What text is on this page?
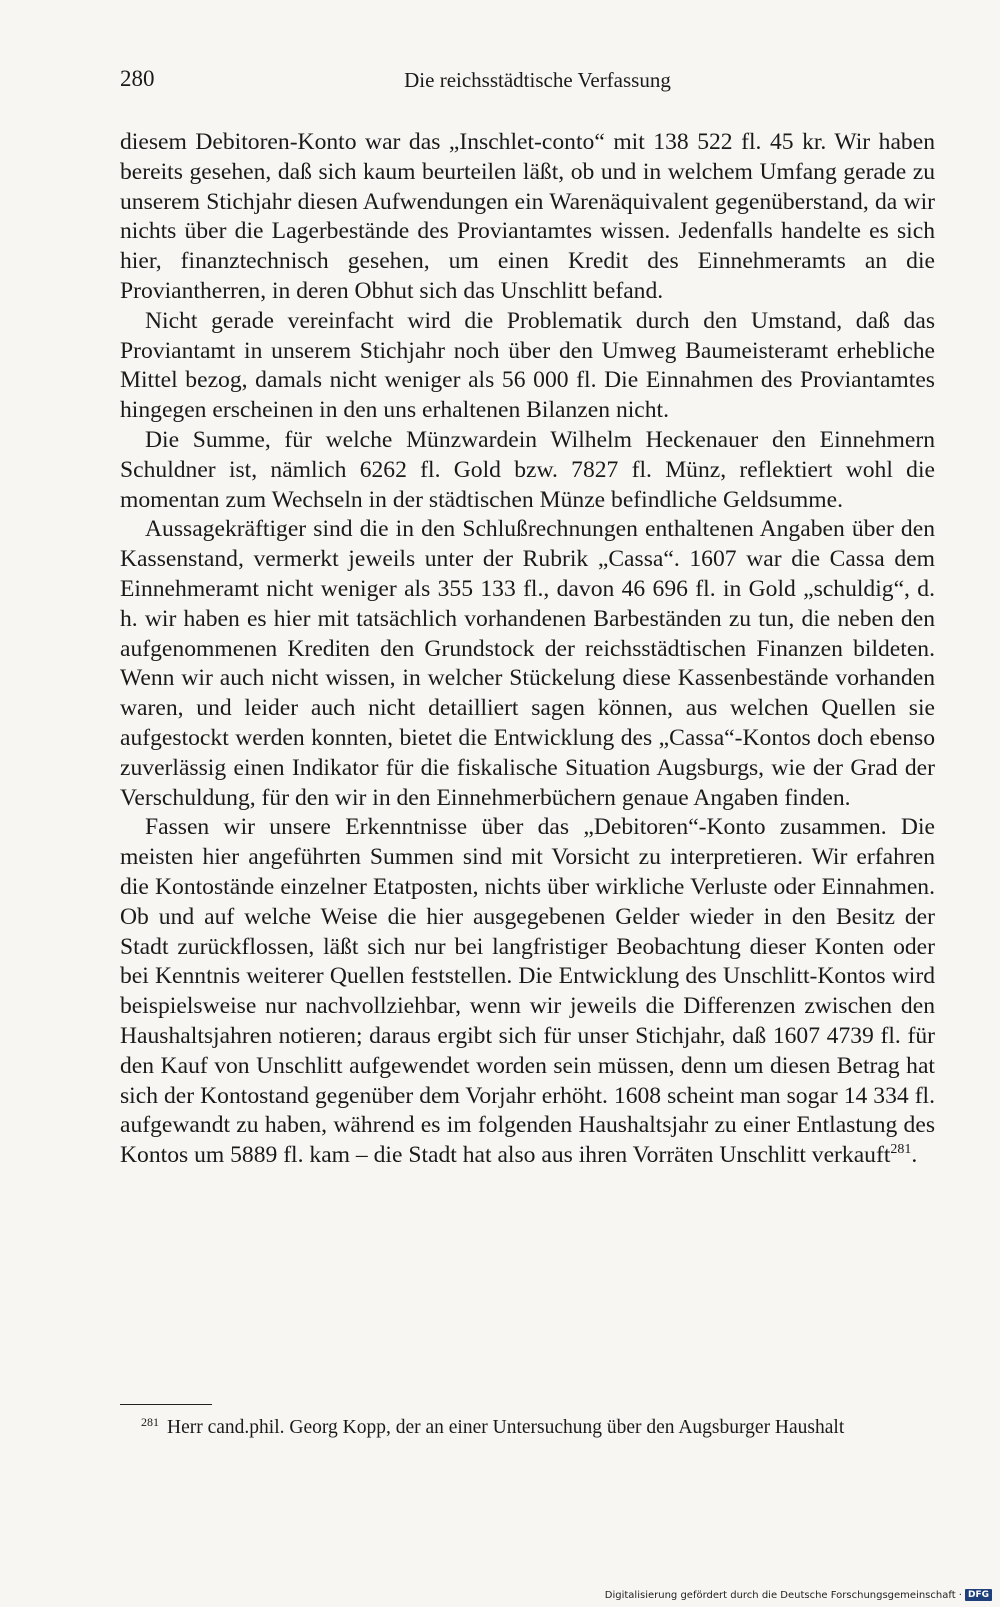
280	Die reichsstädtische Verfassung

diesem Debitoren-Konto war das „Inschlet-conto“ mit 138 522 fl. 45 kr. Wir haben bereits gesehen, daß sich kaum beurteilen läßt, ob und in welchem Umfang gerade zu unserem Stichjahr diesen Aufwendungen ein Warenäquivalent gegenüberstand, da wir nichts über die Lagerbestände des Proviantamtes wissen. Jedenfalls handelte es sich hier, finanztechnisch gesehen, um einen Kredit des Einnehmeramts an die Proviantherren, in deren Obhut sich das Unschlitt befand.

Nicht gerade vereinfacht wird die Problematik durch den Umstand, daß das Proviantamt in unserem Stichjahr noch über den Umweg Baumeisteramt erhebliche Mittel bezog, damals nicht weniger als 56 000 fl. Die Einnahmen des Proviantamtes hingegen erscheinen in den uns erhaltenen Bilanzen nicht.

Die Summe, für welche Münzwardein Wilhelm Heckenauer den Einnehmern Schuldner ist, nämlich 6262 fl. Gold bzw. 7827 fl. Münz, reflektiert wohl die momentan zum Wechseln in der städtischen Münze befindliche Geldsumme.

Aussagekräftiger sind die in den Schlußrechnungen enthaltenen Angaben über den Kassenstand, vermerkt jeweils unter der Rubrik „Cassa“. 1607 war die Cassa dem Einnehmeramt nicht weniger als 355 133 fl., davon 46 696 fl. in Gold „schuldig“, d. h. wir haben es hier mit tatsächlich vorhandenen Barbeständen zu tun, die neben den aufgenommenen Krediten den Grundstock der reichsstädtischen Finanzen bildeten. Wenn wir auch nicht wissen, in welcher Stückelung diese Kassenbestände vorhanden waren, und leider auch nicht detailliert sagen können, aus welchen Quellen sie aufgestockt werden konnten, bietet die Entwicklung des „Cassa“-Kontos doch ebenso zuverlässig einen Indikator für die fiskalische Situation Augsburgs, wie der Grad der Verschuldung, für den wir in den Einnehmerbüchern genaue Angaben finden.

Fassen wir unsere Erkenntnisse über das „Debitoren“-Konto zusammen. Die meisten hier angeführten Summen sind mit Vorsicht zu interpretieren. Wir erfahren die Kontostände einzelner Etatposten, nichts über wirkliche Verluste oder Einnahmen. Ob und auf welche Weise die hier ausgegebenen Gelder wieder in den Besitz der Stadt zurückflossen, läßt sich nur bei langfristiger Beobachtung dieser Konten oder bei Kenntnis weiterer Quellen feststellen. Die Entwicklung des Unschlitt-Kontos wird beispielsweise nur nachvollziehbar, wenn wir jeweils die Differenzen zwischen den Haushaltsjahren notieren; daraus ergibt sich für unser Stichjahr, daß 1607 4739 fl. für den Kauf von Unschlitt aufgewendet worden sein müssen, denn um diesen Betrag hat sich der Kontostand gegenüber dem Vorjahr erhöht. 1608 scheint man sogar 14 334 fl. aufgewandt zu haben, während es im folgenden Haushaltsjahr zu einer Entlastung des Kontos um 5889 fl. kam – die Stadt hat also aus ihren Vorräten Unschlitt verkauft$^{281}$.

$^{281}$ Herr cand.phil. Georg Kopp, der an einer Untersuchung über den Augsburger Haushalt
Digitalisierung gefördert durch die Deutsche Forschungsgemeinschaft · DFG
